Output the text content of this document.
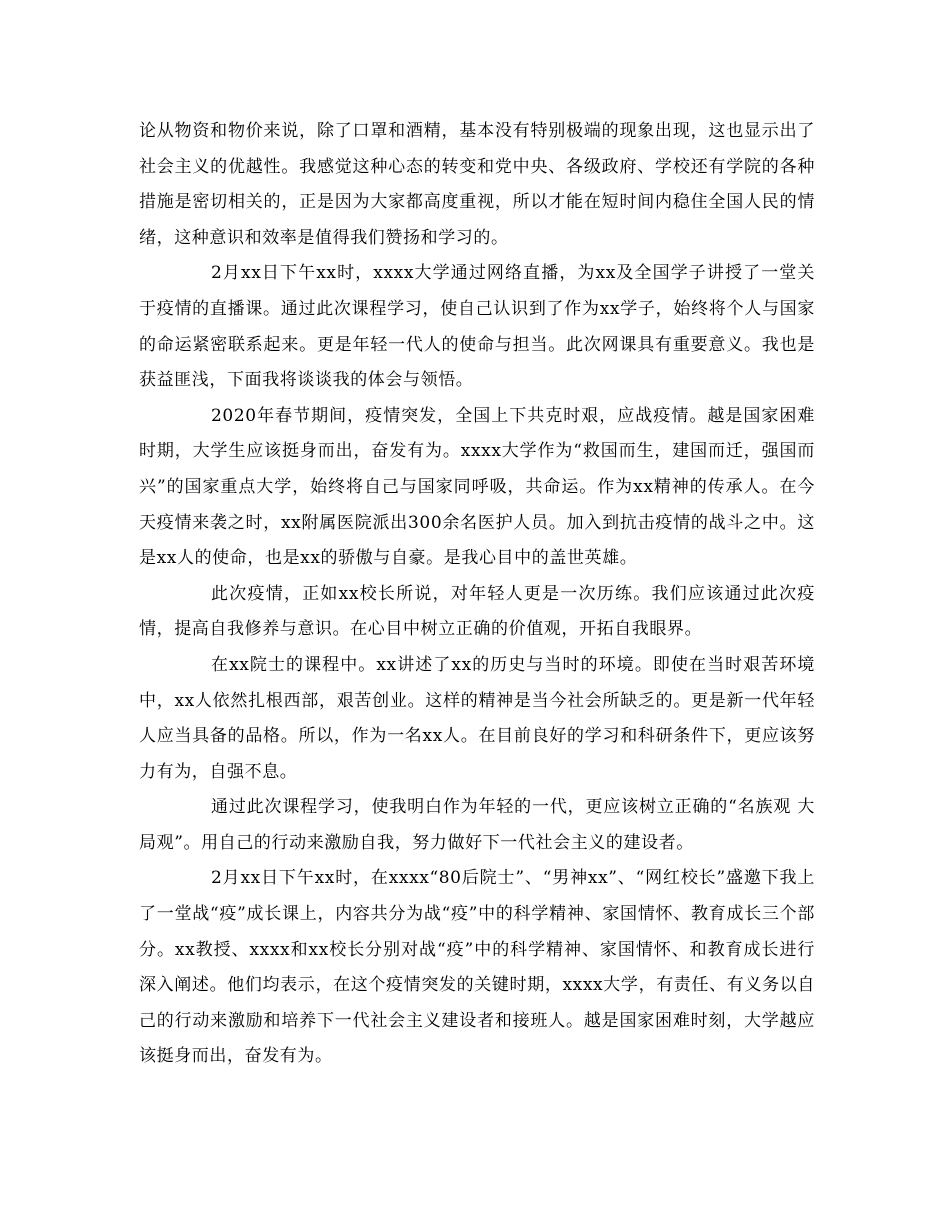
论从物资和物价来说，除了口罩和酒精，基本没有特别极端的现象出现，这也显示出了社会主义的优越性。我感觉这种心态的转变和党中央、各级政府、学校还有学院的各种措施是密切相关的，正是因为大家都高度重视，所以才能在短时间内稳住全国人民的情绪，这种意识和效率是值得我们赞扬和学习的。

2月xx日下午xx时，xxxx大学通过网络直播，为xx及全国学子讲授了一堂关于疫情的直播课。通过此次课程学习，使自己认识到了作为xx学子，始终将个人与国家的命运紧密联系起来。更是年轻一代人的使命与担当。此次网课具有重要意义。我也是获益匪浅，下面我将谈谈我的体会与领悟。

2020年春节期间，疫情突发，全国上下共克时艰，应战疫情。越是国家困难时期，大学生应该挺身而出，奋发有为。xxxx大学作为“救国而生，建国而迁，强国而兴”的国家重点大学，始终将自己与国家同呼吸，共命运。作为xx精神的传承人。在今天疫情来袭之时，xx附属医院派出300余名医护人员。加入到抗击疫情的战斗之中。这是xx人的使命，也是xx的骄傲与自豪。是我心目中的盖世英雄。

此次疫情，正如xx校长所说，对年轻人更是一次历练。我们应该通过此次疫情，提高自我修养与意识。在心目中树立正确的价值观，开拓自我眼界。

在xx院士的课程中。xx讲述了xx的历史与当时的环境。即使在当时艰苦环境中，xx人依然扎根西部，艰苦创业。这样的精神是当今社会所缺乏的。更是新一代年轻人应当具备的品格。所以，作为一名xx人。在目前良好的学习和科研条件下，更应该努力有为，自强不息。

通过此次课程学习，使我明白作为年轻的一代，更应该树立正确的“名族观 大局观”。用自己的行动来激励自我，努力做好下一代社会主义的建设者。

2月xx日下午xx时，在xxxx“80后院士”、“男神xx”、“网红校长”盛邀下我上了一堂战“疫”成长课上，内容共分为战“疫”中的科学精神、家国情怀、教育成长三个部分。xx教授、xxxx和xx校长分别对战“疫”中的科学精神、家国情怀、和教育成长进行深入阐述。他们均表示，在这个疫情突发的关键时期，xxxx大学，有责任、有义务以自己的行动来激励和培养下一代社会主义建设者和接班人。越是国家困难时刻，大学越应该挺身而出，奋发有为。
